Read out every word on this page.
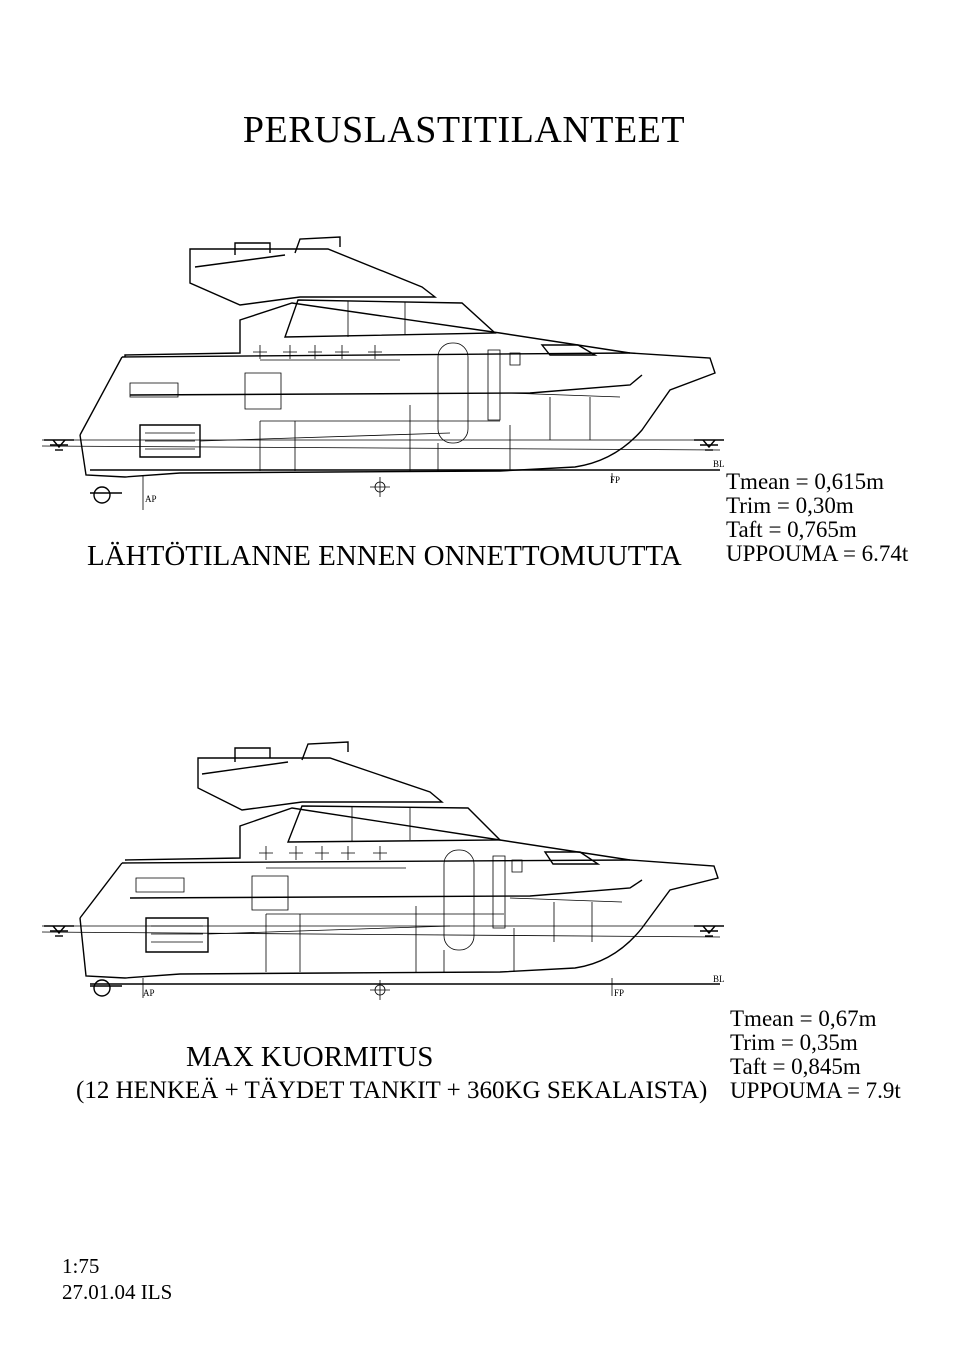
PERUSLASTITILANTEET
AP
FP
BL
LÄHTÖTILANNE ENNEN ONNETTOMUUTTA
Tmean = 0,615m
Trim = 0,30m
Taft = 0,765m
UPPOUMA = 6.74t
AP	FP
BL
MAX KUORMITUS
(12 HENKEÄ + TÄYDET TANKIT + 360KG SEKALAISTA)
Tmean = 0,67m
Trim = 0,35m
Taft = 0,845m
UPPOUMA = 7.9t
1:75
27.01.04 ILS
